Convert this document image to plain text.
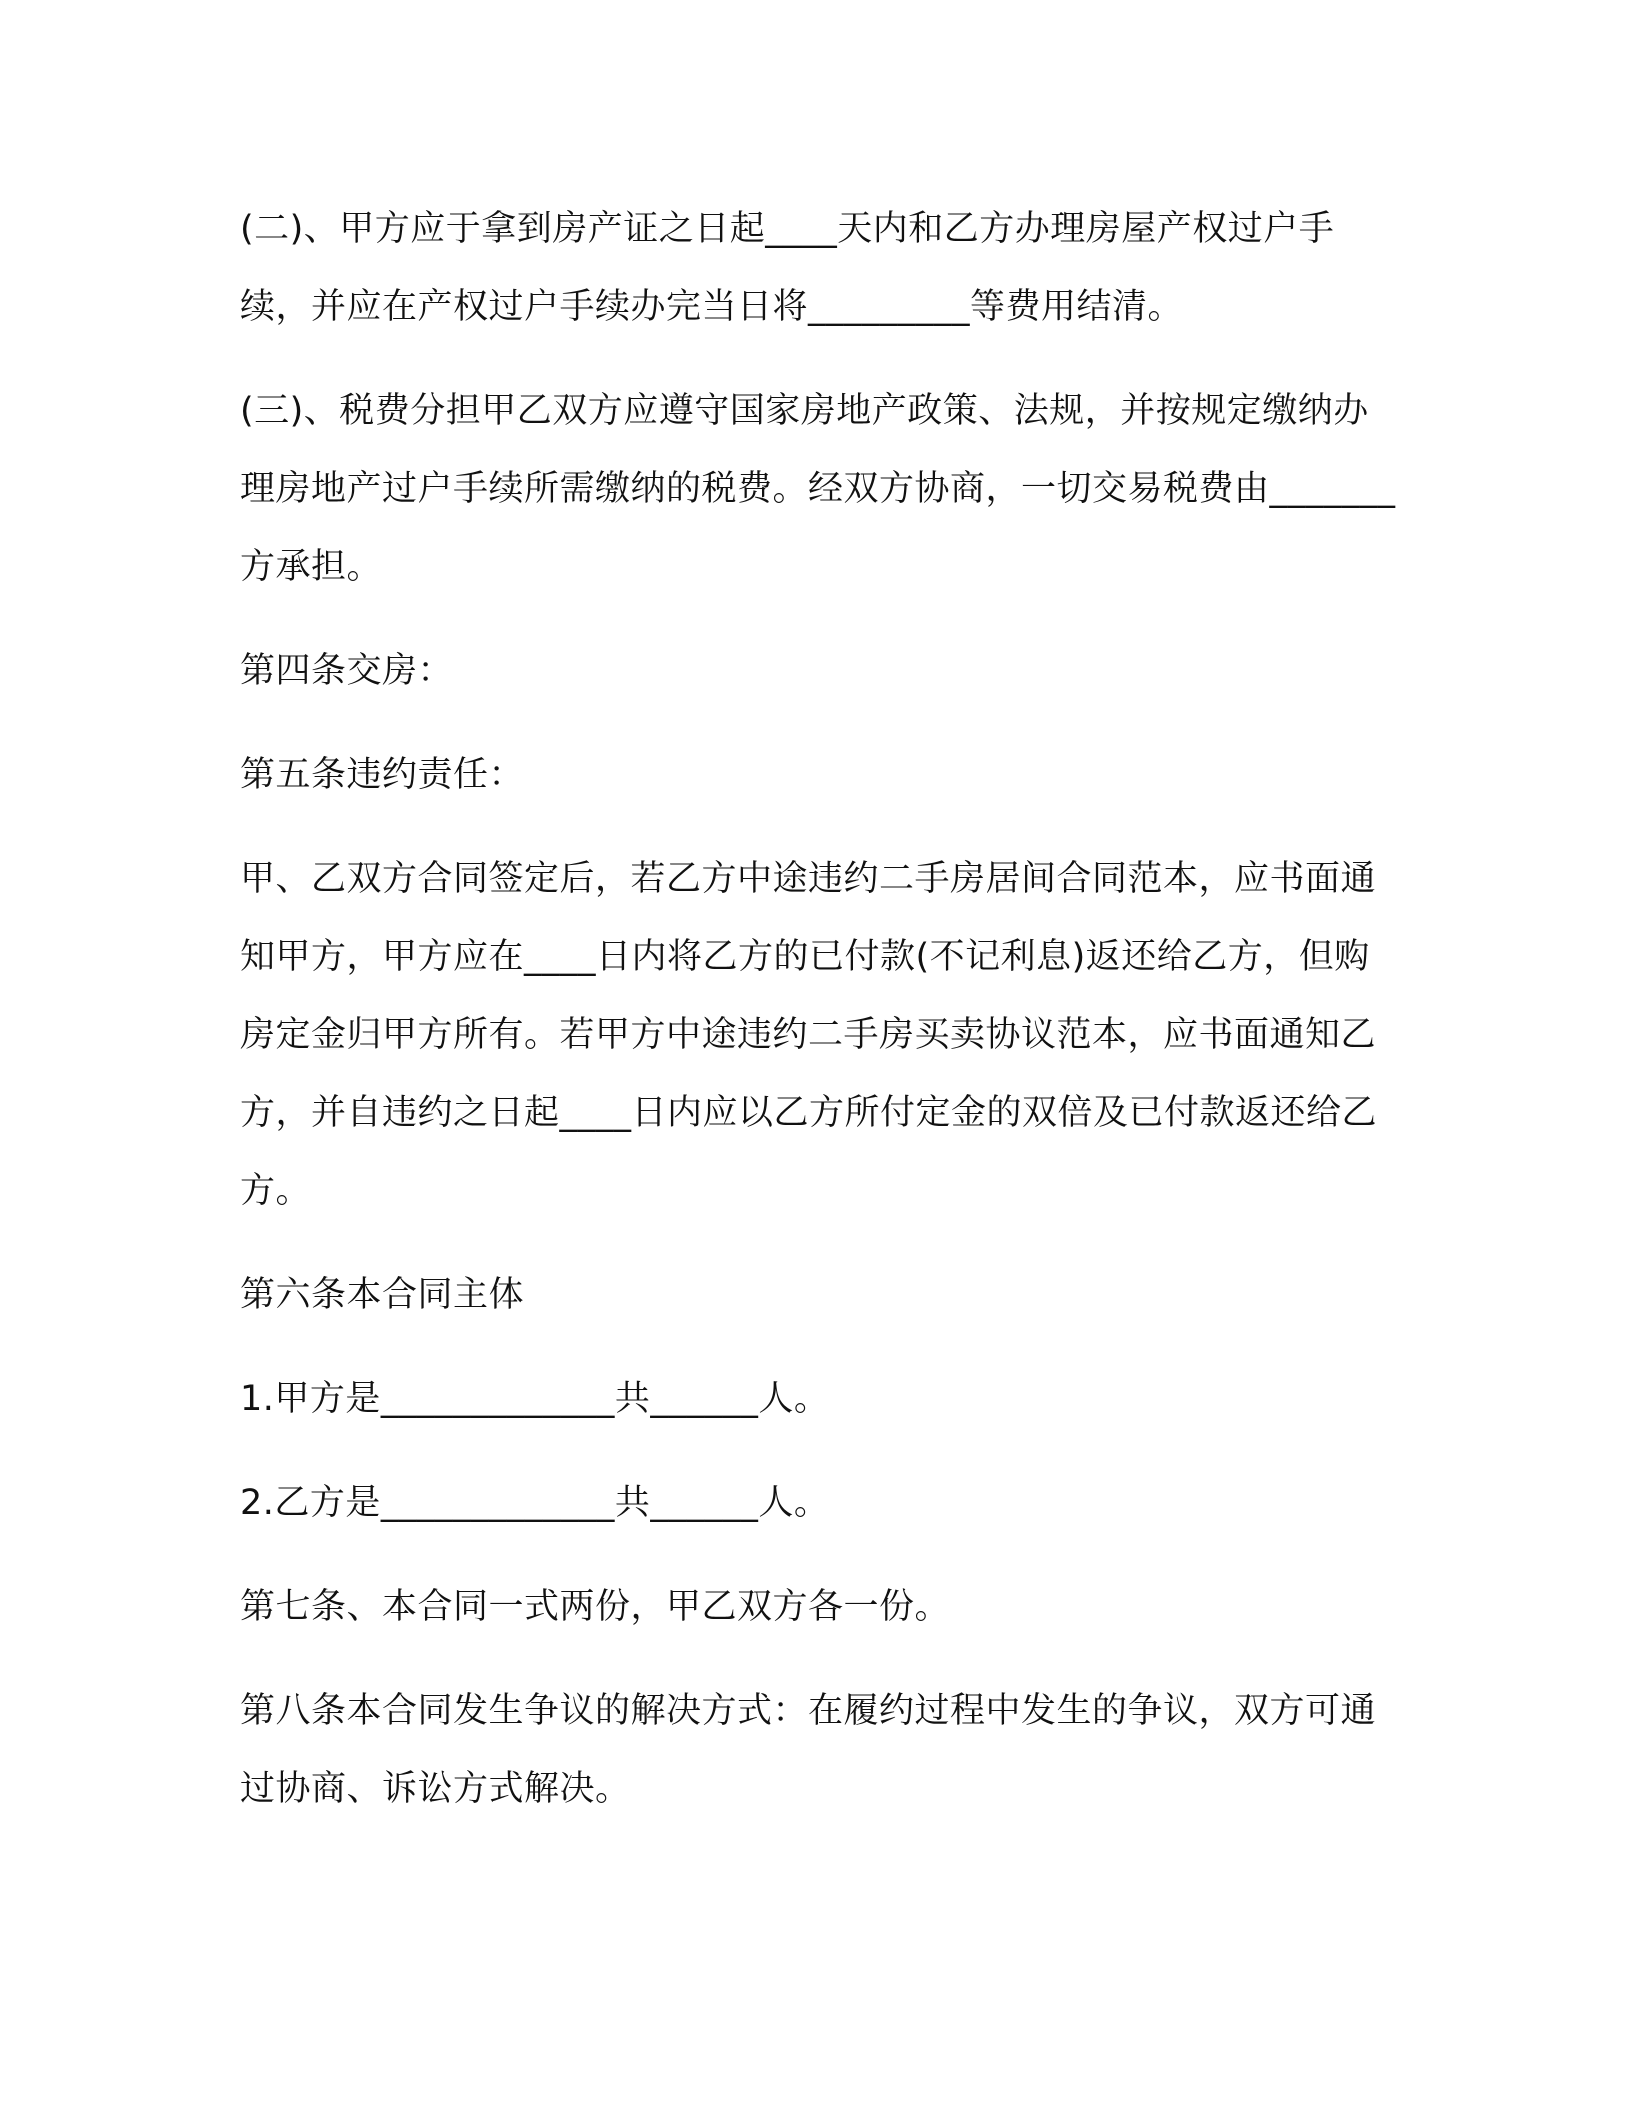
(二)、甲方应于拿到房产证之日起____天内和乙方办理房屋产权过户手续，并应在产权过户手续办完当日将_________等费用结清。

(三)、税费分担甲乙双方应遵守国家房地产政策、法规，并按规定缴纳办理房地产过户手续所需缴纳的税费。经双方协商，一切交易税费由_______方承担。

第四条交房：

第五条违约责任：

甲、乙双方合同签定后，若乙方中途违约二手房居间合同范本，应书面通知甲方，甲方应在____日内将乙方的已付款(不记利息)返还给乙方，但购房定金归甲方所有。若甲方中途违约二手房买卖协议范本，应书面通知乙方，并自违约之日起____日内应以乙方所付定金的双倍及已付款返还给乙方。

第六条本合同主体

1.甲方是_____________共______人。

2.乙方是_____________共______人。

第七条、本合同一式两份，甲乙双方各一份。

第八条本合同发生争议的解决方式：在履约过程中发生的争议，双方可通过协商、诉讼方式解决。
